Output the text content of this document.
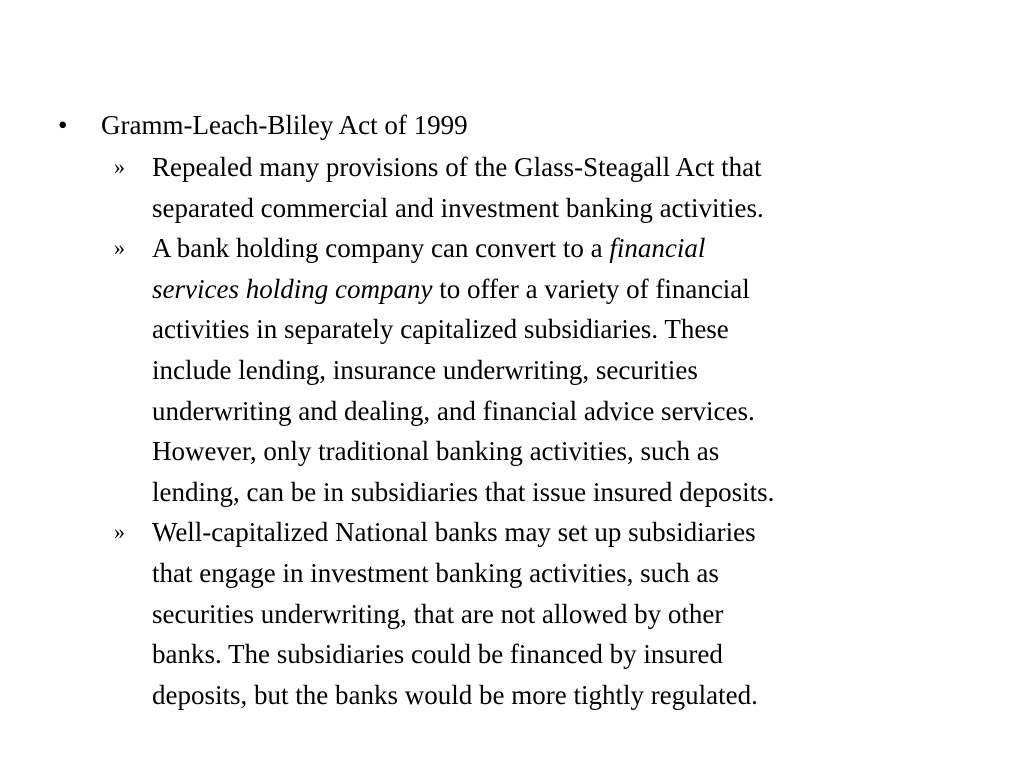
•	Gramm-Leach-Bliley Act of 1999
» Repealed many provisions of the Glass-Steagall Act that
separated commercial and investment banking activities.
» A bank holding company can convert to a financial
services holding company to offer a variety of financial
activities in separately capitalized subsidiaries. These
include lending, insurance underwriting, securities
underwriting and dealing, and financial advice services.
However, only traditional banking activities, such as
lending, can be in subsidiaries that issue insured deposits.
» Well-capitalized National banks may set up subsidiaries
that engage in investment banking activities, such as
securities underwriting, that are not allowed by other
banks. The subsidiaries could be financed by insured
deposits, but the banks would be more tightly regulated.
